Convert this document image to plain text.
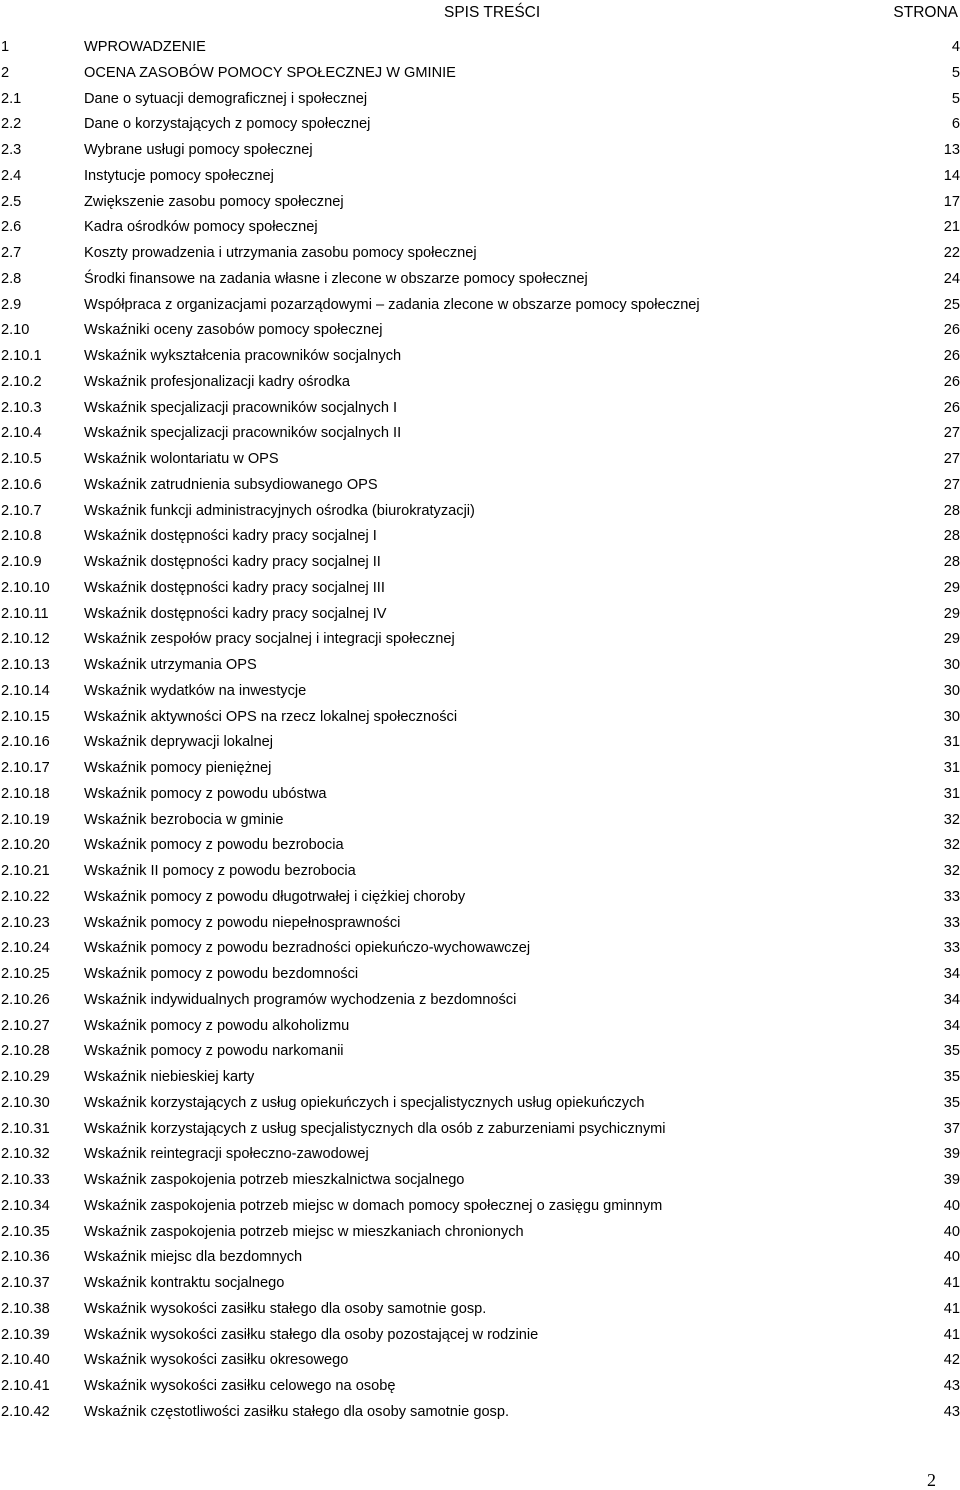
SPIS TREŚCI	STRONA
1	WPROWADZENIE	4
2	OCENA ZASOBÓW POMOCY SPOŁECZNEJ W GMINIE	5
2.1	Dane o sytuacji demograficznej i społecznej	5
2.2	Dane o korzystających z pomocy społecznej	6
2.3	Wybrane usługi pomocy społecznej	13
2.4	Instytucje pomocy społecznej	14
2.5	Zwiększenie zasobu pomocy społecznej	17
2.6	Kadra ośrodków pomocy społecznej	21
2.7	Koszty prowadzenia i utrzymania zasobu pomocy społecznej	22
2.8	Środki finansowe na zadania własne i zlecone w obszarze pomocy społecznej	24
2.9	Współpraca z organizacjami pozarządowymi – zadania zlecone w obszarze pomocy społecznej	25
2.10	Wskaźniki oceny zasobów pomocy społecznej	26
2.10.1	Wskaźnik wykształcenia pracowników socjalnych	26
2.10.2	Wskaźnik profesjonalizacji kadry ośrodka	26
2.10.3	Wskaźnik specjalizacji pracowników socjalnych I	26
2.10.4	Wskaźnik specjalizacji pracowników socjalnych II	27
2.10.5	Wskaźnik wolontariatu w OPS	27
2.10.6	Wskaźnik zatrudnienia subsydiowanego OPS	27
2.10.7	Wskaźnik funkcji administracyjnych ośrodka (biurokratyzacji)	28
2.10.8	Wskaźnik dostępności kadry pracy socjalnej I	28
2.10.9	Wskaźnik dostępności kadry pracy socjalnej II	28
2.10.10 Wskaźnik dostępności kadry pracy socjalnej III	29
2.10.11 Wskaźnik dostępności kadry pracy socjalnej IV	29
2.10.12 Wskaźnik zespołów pracy socjalnej i integracji społecznej	29
2.10.13 Wskaźnik utrzymania OPS	30
2.10.14 Wskaźnik wydatków na inwestycje	30
2.10.15 Wskaźnik aktywności OPS na rzecz lokalnej społeczności	30
2.10.16 Wskaźnik deprywacji lokalnej	31
2.10.17 Wskaźnik pomocy pieniężnej	31
2.10.18 Wskaźnik pomocy z powodu ubóstwa	31
2.10.19 Wskaźnik bezrobocia w gminie	32
2.10.20 Wskaźnik pomocy z powodu bezrobocia	32
2.10.21 Wskaźnik II pomocy z powodu bezrobocia	32
2.10.22 Wskaźnik pomocy z powodu długotrwałej i ciężkiej choroby	33
2.10.23 Wskaźnik pomocy z powodu niepełnosprawności	33
2.10.24 Wskaźnik pomocy z powodu bezradności opiekuńczo-wychowawczej	33
2.10.25 Wskaźnik pomocy z powodu bezdomności	34
2.10.26 Wskaźnik indywidualnych programów wychodzenia z bezdomności	34
2.10.27 Wskaźnik pomocy z powodu alkoholizmu	34
2.10.28 Wskaźnik pomocy z powodu narkomanii	35
2.10.29 Wskaźnik niebieskiej karty	35
2.10.30 Wskaźnik korzystających z usług opiekuńczych i specjalistycznych usług opiekuńczych	35
2.10.31 Wskaźnik korzystających z usług specjalistycznych dla osób z zaburzeniami psychicznymi	37
2.10.32 Wskaźnik reintegracji społeczno-zawodowej	39
2.10.33 Wskaźnik zaspokojenia potrzeb mieszkalnictwa socjalnego	39
2.10.34 Wskaźnik zaspokojenia potrzeb miejsc w domach pomocy społecznej o zasięgu gminnym	40
2.10.35 Wskaźnik zaspokojenia potrzeb miejsc w mieszkaniach chronionych	40
2.10.36 Wskaźnik miejsc dla bezdomnych	40
2.10.37 Wskaźnik kontraktu socjalnego	41
2.10.38 Wskaźnik wysokości zasiłku stałego dla osoby samotnie gosp.	41
2.10.39 Wskaźnik wysokości zasiłku stałego dla osoby pozostającej w rodzinie	41
2.10.40 Wskaźnik wysokości zasiłku okresowego	42
2.10.41 Wskaźnik wysokości zasiłku celowego na osobę	43
2.10.42 Wskaźnik częstotliwości zasiłku stałego dla osoby samotnie gosp.	43
2
